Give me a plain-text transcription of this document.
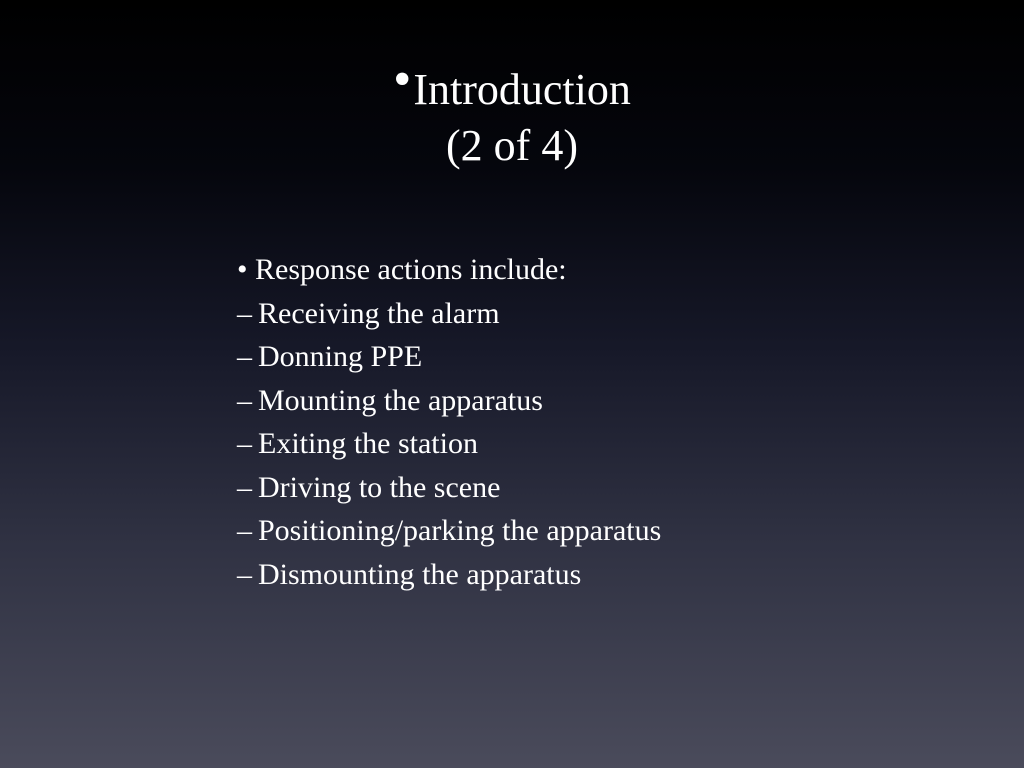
•Introduction
(2 of 4)
• Response actions include:
– Receiving the alarm
– Donning PPE
– Mounting the apparatus
– Exiting the station
– Driving to the scene
– Positioning/parking the apparatus
– Dismounting the apparatus
